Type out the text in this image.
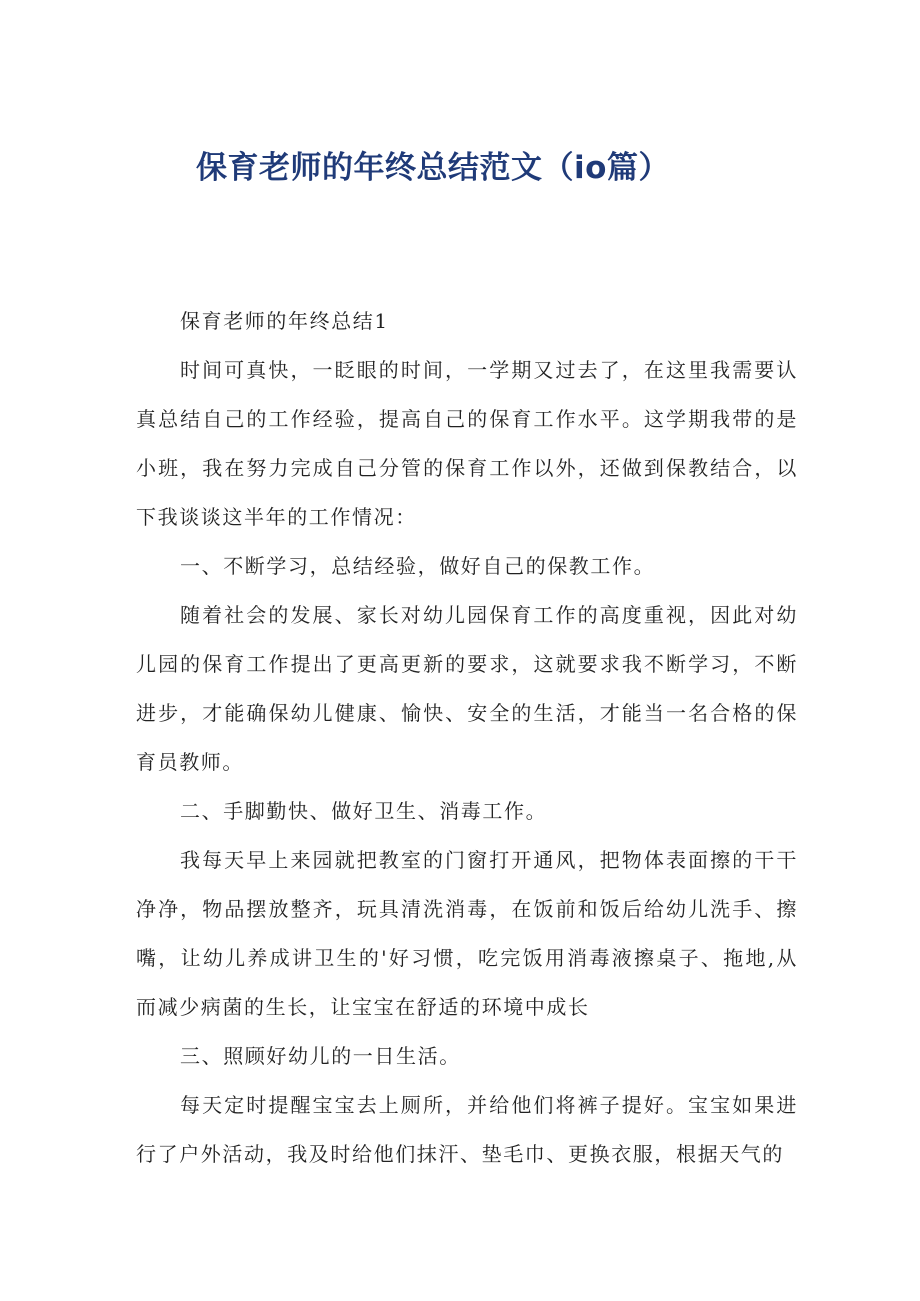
保育老师的年终总结范文（io篇）

保育老师的年终总结1

时间可真快，一眨眼的时间，一学期又过去了，在这里我需要认真总结自己的工作经验，提高自己的保育工作水平。这学期我带的是小班，我在努力完成自己分管的保育工作以外，还做到保教结合，以下我谈谈这半年的工作情况：

一、不断学习，总结经验，做好自己的保教工作。

随着社会的发展、家长对幼儿园保育工作的高度重视，因此对幼儿园的保育工作提出了更高更新的要求，这就要求我不断学习，不断进步，才能确保幼儿健康、愉快、安全的生活，才能当一名合格的保育员教师。

二、手脚勤快、做好卫生、消毒工作。

我每天早上来园就把教室的门窗打开通风，把物体表面擦的干干净净，物品摆放整齐，玩具清洗消毒，在饭前和饭后给幼儿洗手、擦嘴，让幼儿养成讲卫生的'好习惯，吃完饭用消毒液擦桌子、拖地,从而减少病菌的生长，让宝宝在舒适的环境中成长

三、照顾好幼儿的一日生活。

每天定时提醒宝宝去上厕所，并给他们将裤子提好。宝宝如果进行了户外活动，我及时给他们抹汗、垫毛巾、更换衣服，根据天气的
